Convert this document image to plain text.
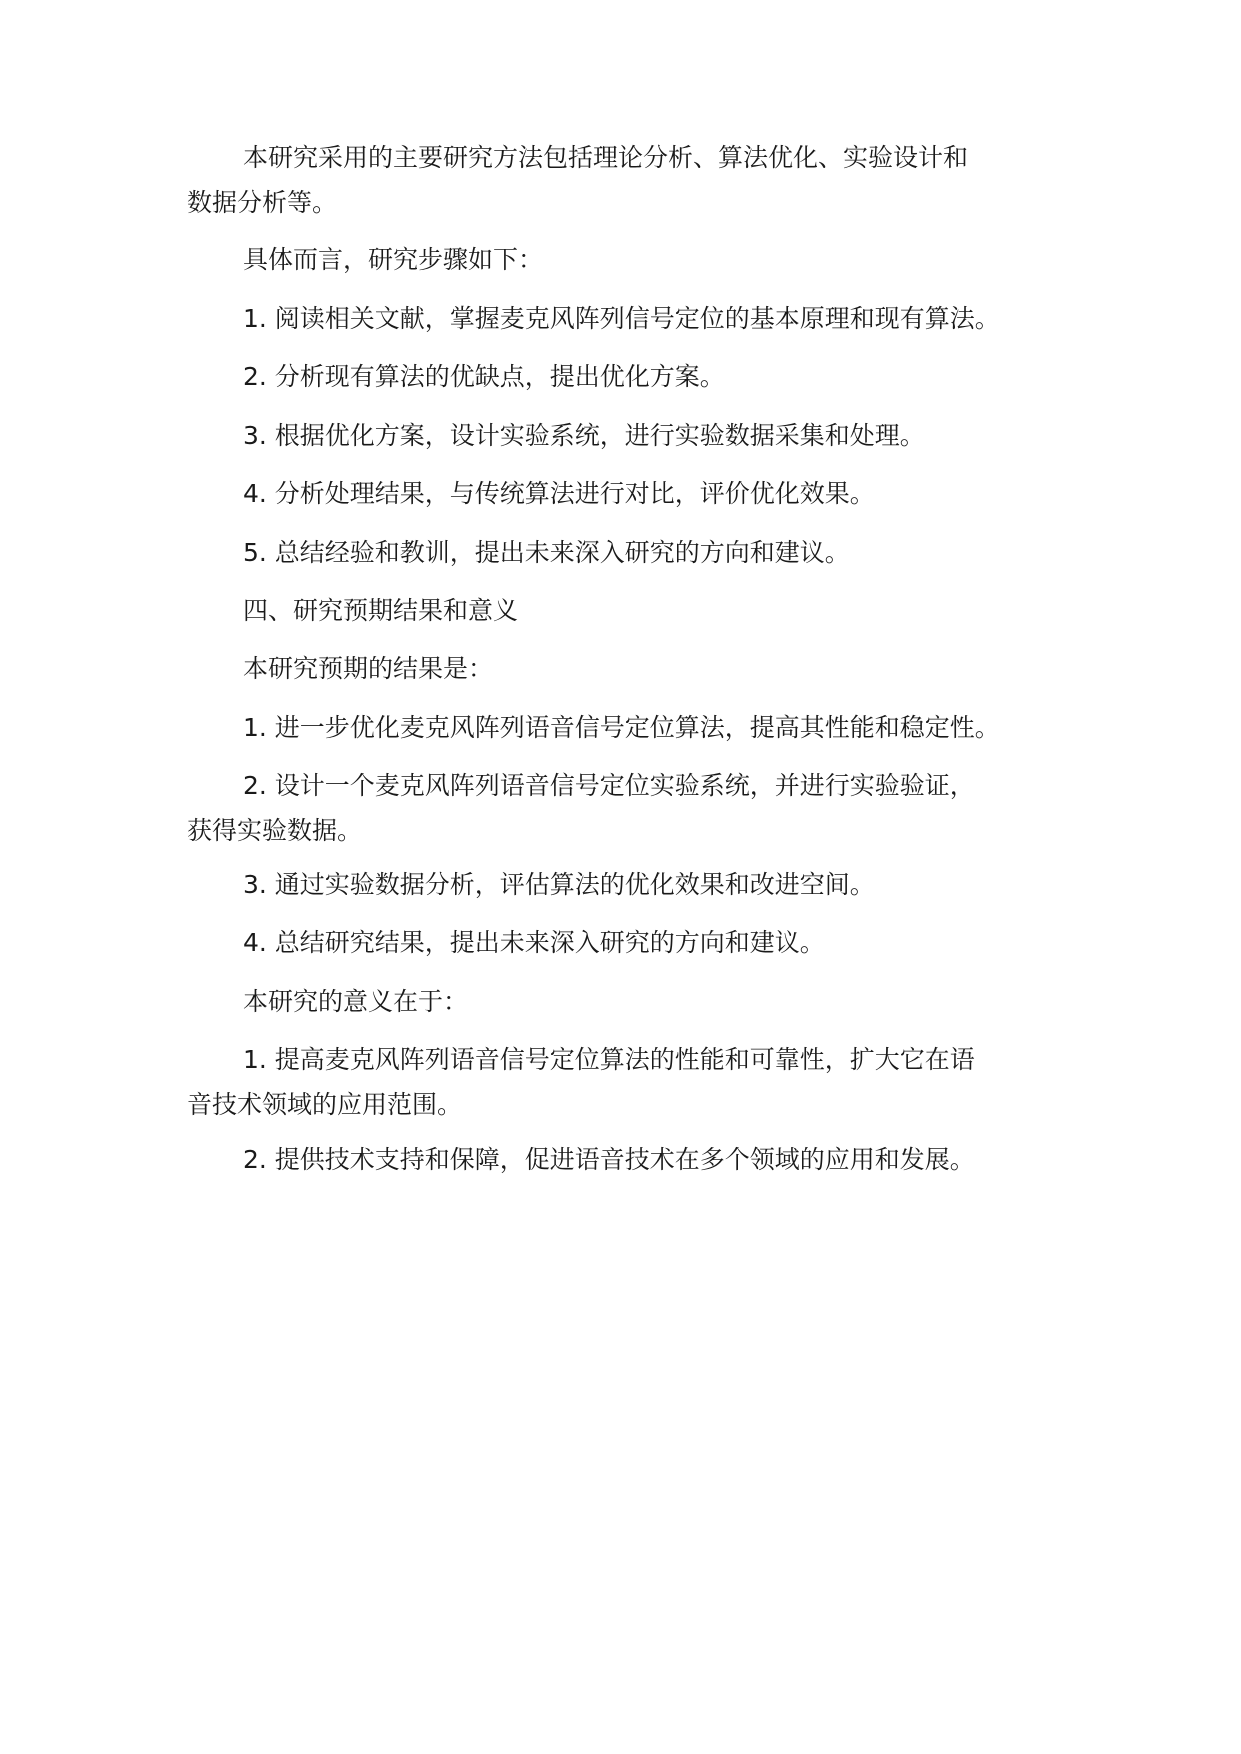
本研究采用的主要研究方法包括理论分析、算法优化、实验设计和
数据分析等。

具体而言，研究步骤如下：

1. 阅读相关文献，掌握麦克风阵列信号定位的基本原理和现有算法。

2. 分析现有算法的优缺点，提出优化方案。

3. 根据优化方案，设计实验系统，进行实验数据采集和处理。

4. 分析处理结果，与传统算法进行对比，评价优化效果。

5. 总结经验和教训，提出未来深入研究的方向和建议。

四、研究预期结果和意义

本研究预期的结果是：

1. 进一步优化麦克风阵列语音信号定位算法，提高其性能和稳定性。

2. 设计一个麦克风阵列语音信号定位实验系统，并进行实验验证，
获得实验数据。

3. 通过实验数据分析，评估算法的优化效果和改进空间。

4. 总结研究结果，提出未来深入研究的方向和建议。

本研究的意义在于：

1. 提高麦克风阵列语音信号定位算法的性能和可靠性，扩大它在语
音技术领域的应用范围。

2. 提供技术支持和保障，促进语音技术在多个领域的应用和发展。
